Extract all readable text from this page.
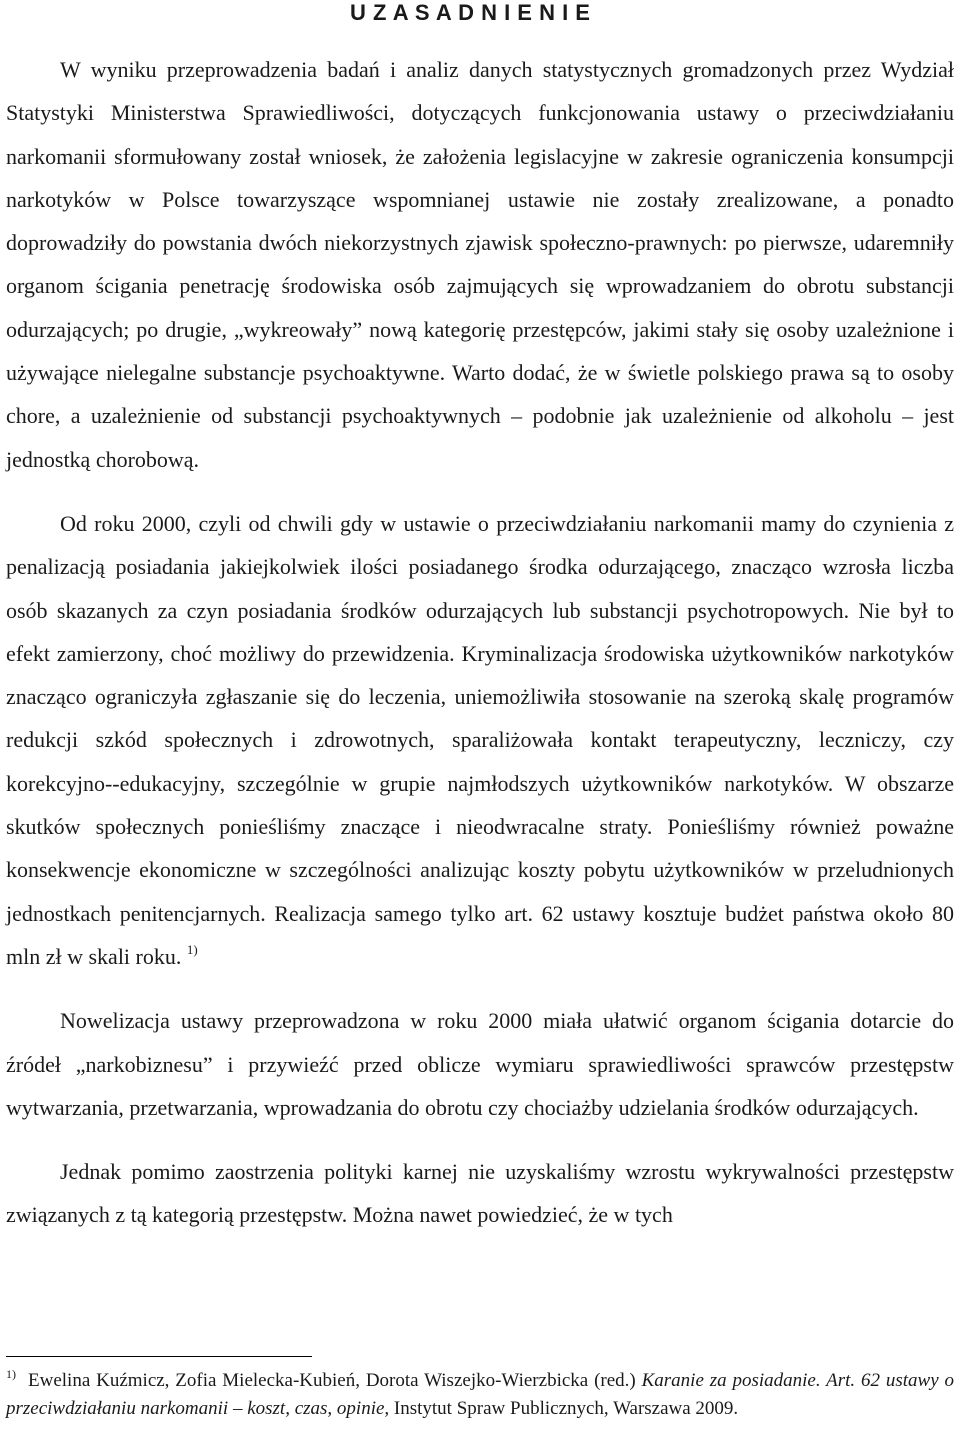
U Z A S A D N I E N I E

W wyniku przeprowadzenia badań i analiz danych statystycznych gromadzonych przez Wydział Statystyki Ministerstwa Sprawiedliwości, dotyczących funkcjonowania ustawy o przeciwdziałaniu narkomanii sformułowany został wniosek, że założenia legislacyjne w zakresie ograniczenia konsumpcji narkotyków w Polsce towarzyszące wspomnianej ustawie nie zostały zrealizowane, a ponadto doprowadziły do powstania dwóch niekorzystnych zjawisk społeczno-prawnych: po pierwsze, udaremniły organom ścigania penetrację środowiska osób zajmujących się wprowadzaniem do obrotu substancji odurzających; po drugie, „wykreowały” nową kategorię przestępców, jakimi stały się osoby uzależnione i używające nielegalne substancje psychoaktywne. Warto dodać, że w świetle polskiego prawa są to osoby chore, a uzależnienie od substancji psychoaktywnych – podobnie jak uzależnienie od alkoholu – jest jednostką chorobową.

Od roku 2000, czyli od chwili gdy w ustawie o przeciwdziałaniu narkomanii mamy do czynienia z penalizacją posiadania jakiejkolwiek ilości posiadanego środka odurzającego, znacząco wzrosła liczba osób skazanych za czyn posiadania środków odurzających lub substancji psychotropowych. Nie był to efekt zamierzony, choć możliwy do przewidzenia. Kryminalizacja środowiska użytkowników narkotyków znacząco ograniczyła zgłaszanie się do leczenia, uniemożliwiła stosowanie na szeroką skalę programów redukcji szkód społecznych i zdrowotnych, sparaliżowała kontakt terapeutyczny, leczniczy, czy korekcyjno--edukacyjny, szczególnie w grupie najmłodszych użytkowników narkotyków. W obszarze skutków społecznych ponieśliśmy znaczące i nieodwracalne straty. Ponieśliśmy również poważne konsekwencje ekonomiczne w szczególności analizując koszty pobytu użytkowników w przeludnionych jednostkach penitencjarnych. Realizacja samego tylko art. 62 ustawy kosztuje budżet państwa około 80 mln zł w skali roku. $^{1)}$

Nowelizacja ustawy przeprowadzona w roku 2000 miała ułatwić organom ścigania dotarcie do źródeł „narkobiznesu” i przywieźć przed oblicze wymiaru sprawiedliwości sprawców przestępstw wytwarzania, przetwarzania, wprowadzania do obrotu czy chociażby udzielania środków odurzających.

Jednak pomimo zaostrzenia polityki karnej nie uzyskaliśmy wzrostu wykrywalności przestępstw związanych z tą kategorią przestępstw. Można nawet powiedzieć, że w tych

1) Ewelina Kuźmicz, Zofia Mielecka-Kubień, Dorota Wiszejko-Wierzbicka (red.) Karanie za posiadanie. Art. 62 ustawy o przeciwdziałaniu narkomanii – koszt, czas, opinie, Instytut Spraw Publicznych, Warszawa 2009.
